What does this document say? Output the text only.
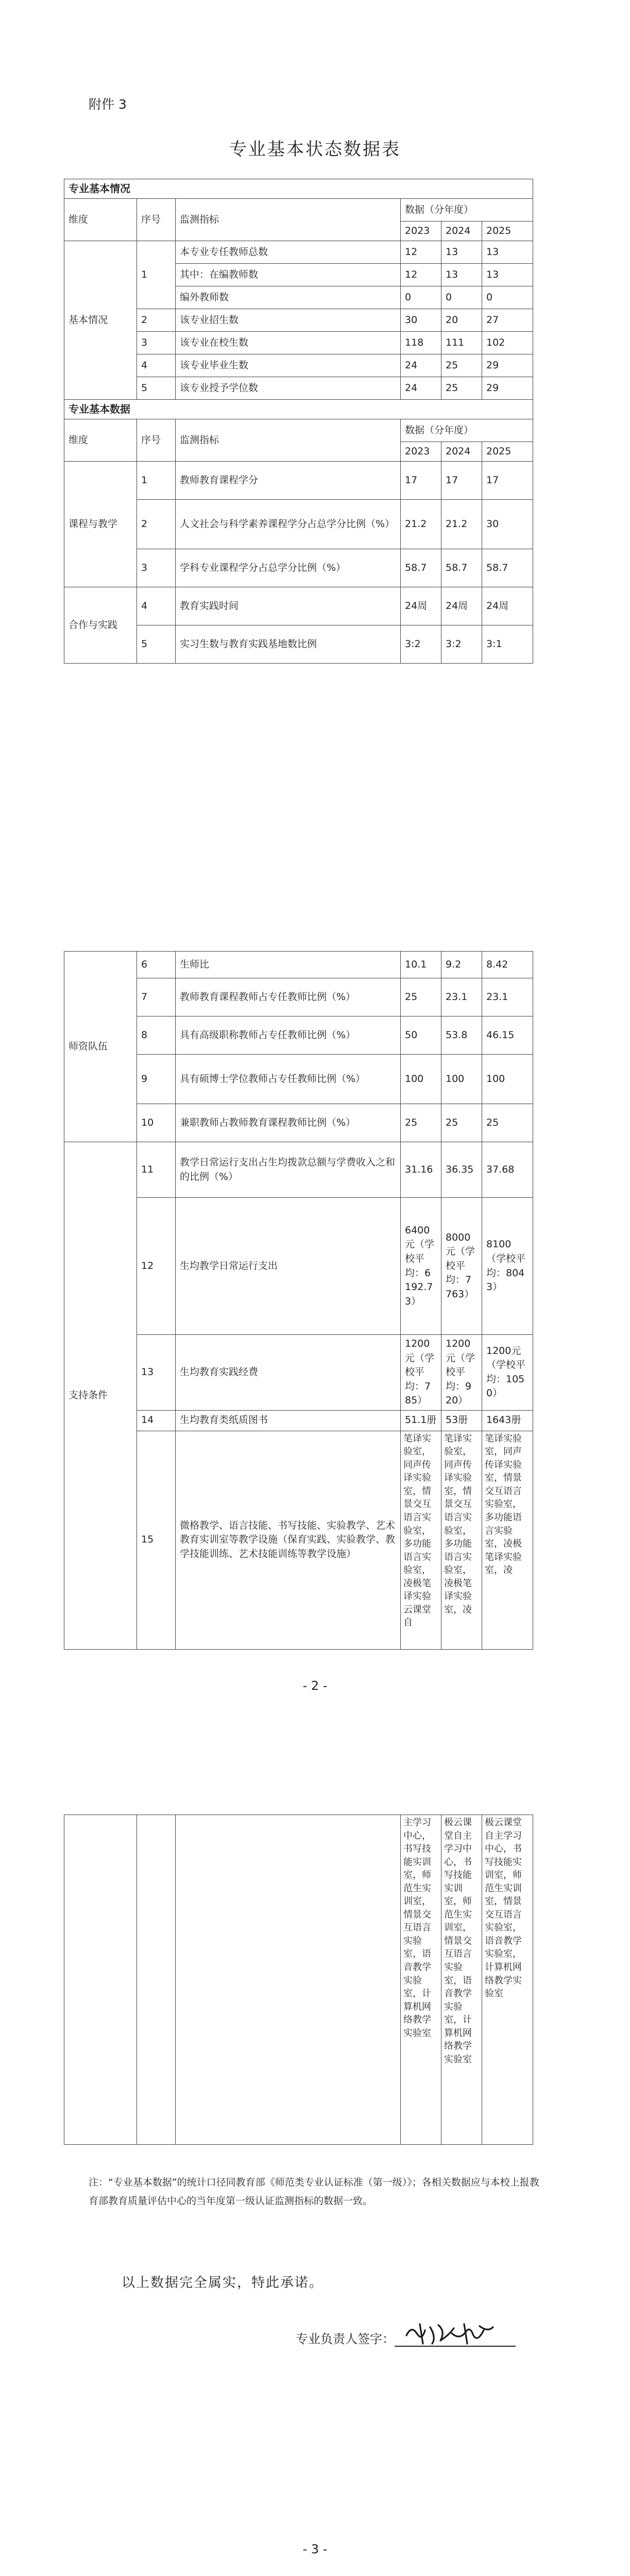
附件 3
专业基本状态数据表
专业基本情况					
维度	序号	监测指标	数据（分年度）		
			2023	2024	2025
基本情况	1	本专业专任教师总数	12	13	13
		其中：在编教师数	12	13	13
		编外教师数	0	0	0
	2	该专业招生数	30	20	27
	3	该专业在校生数	118	111	102
	4	该专业毕业生数	24	25	29
	5	该专业授予学位数	24	25	29
专业基本数据					
维度	序号	监测指标	数据（分年度）		
			2023	2024	2025
课程与教学	1	教师教育课程学分	17	17	17
	2	人文社会与科学素养课程学分占总学分比例（%）	21.2	21.2	30
	3	学科专业课程学分占总学分比例（%）	58.7	58.7	58.7
合作与实践	4	教育实践时间	24周	24周	24周
	5	实习生数与教育实践基地数比例	3:2	3:2	3:1
师资队伍	6	生师比	10.1	9.2	8.42
	7	教师教育课程教师占专任教师比例（%）	25	23.1	23.1
	8	具有高级职称教师占专任教师比例（%）	50	53.8	46.15
	9	具有硕博士学位教师占专任教师比例（%）	100	100	100
	10	兼职教师占教师教育课程教师比例（%）	25	25	25
支持条件	11	教学日常运行支出占生均拨款总额与学费收入之和的比例（%）	31.16	36.35	37.68
	12	生均教学日常运行支出	6400 元（学校平均：6192.73）	8000元（学校平均：7763）	8100（学校平均：8043）
	13	生均教育实践经费	1200元（学校平均：785）	1200元（学校平均：920）	1200元（学校平均：1050）
	14	生均教育类纸质图书	51.1册	53册	1643册
	15	微格教学、语言技能、书写技能、实验教学、艺术教育实训室等教学设施（保育实践、实验教学、教学技能训练、艺术技能训练等教学设施）	笔译实验室，同声传译实验室，情景交互语言实验室，多功能语言实验室，凌极笔译实验云课堂自	笔译实验室，同声传译实验室，情景交互语言实验室，多功能语言实验室，凌极笔译实验室，凌	笔译实验室，同声传译实验室，情景交互语言实验室，多功能语言实验室，凌极笔译实验室，凌
- 2 -
			主学习中心，书写技能实训室，师范生实训室，情景交互语言实验室，语音教学实验室，计算机网络教学实验室	极云课堂自主学习中心，书写技能实训室，师范生实训室，情景交互语言实验室，语音教学实验室，计算机网络教学实验室	极云课堂自主学习中心，书写技能实训室，师范生实训室，情景交互语言实验室，语音教学实验室，计算机网络教学实验室
注：“专业基本数据”的统计口径同教育部《师范类专业认证标准（第一级）》；各相关数据应与本校上报教育部教育质量评估中心的当年度第一级认证监测指标的数据一致。
以上数据完全属实，特此承诺。
专业负责人签字：
- 3 -
